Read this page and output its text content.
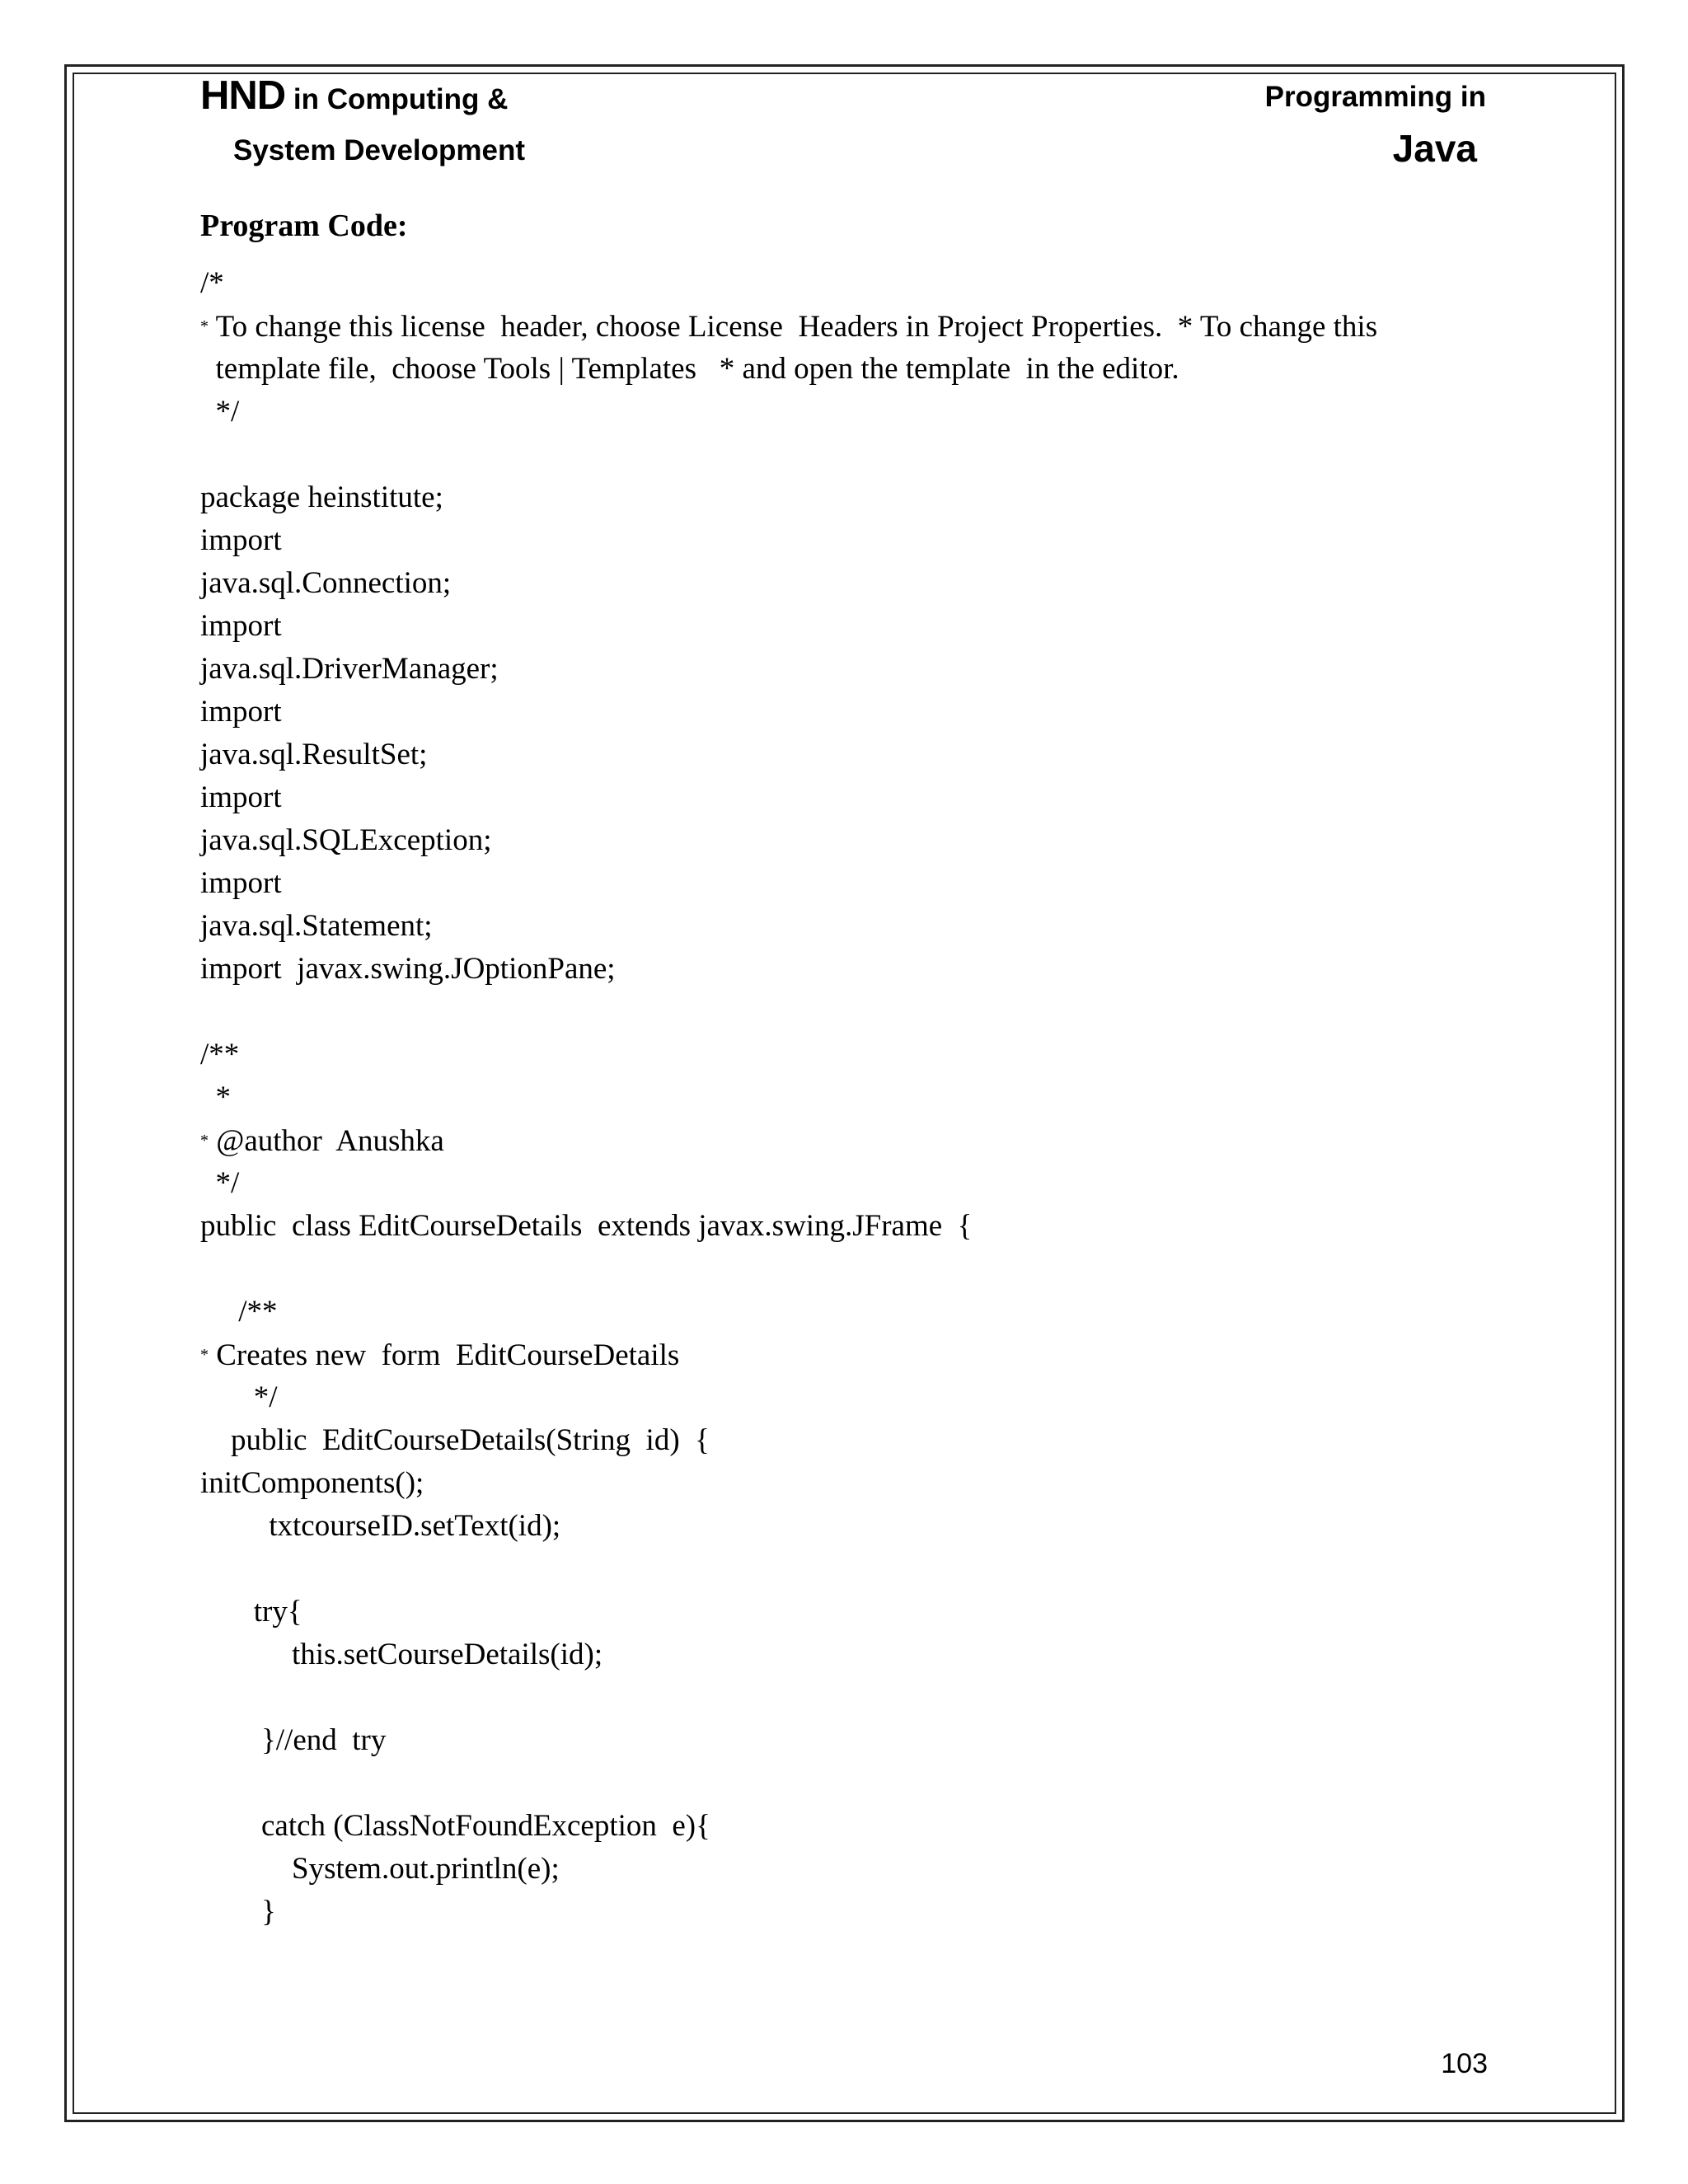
HND in Computing &
System Development
Programming in
Java
Program Code:
/*
* To change this license  header, choose License  Headers in Project Properties.  * To change this
template file,  choose Tools | Templates   * and open the template  in the editor.
*/
package heinstitute;
import
java.sql.Connection;
import
java.sql.DriverManager;
import
java.sql.ResultSet;
import
java.sql.SQLException;
import
java.sql.Statement;
import  javax.swing.JOptionPane;
/**
*
* @author  Anushka
*/
public  class EditCourseDetails  extends javax.swing.JFrame  {
/**
* Creates new  form  EditCourseDetails
*/
public  EditCourseDetails(String  id)  {
initComponents();
txtcourseID.setText(id);
try{
this.setCourseDetails(id);
}//end  try
catch (ClassNotFoundException  e){
System.out.println(e);
}
103
